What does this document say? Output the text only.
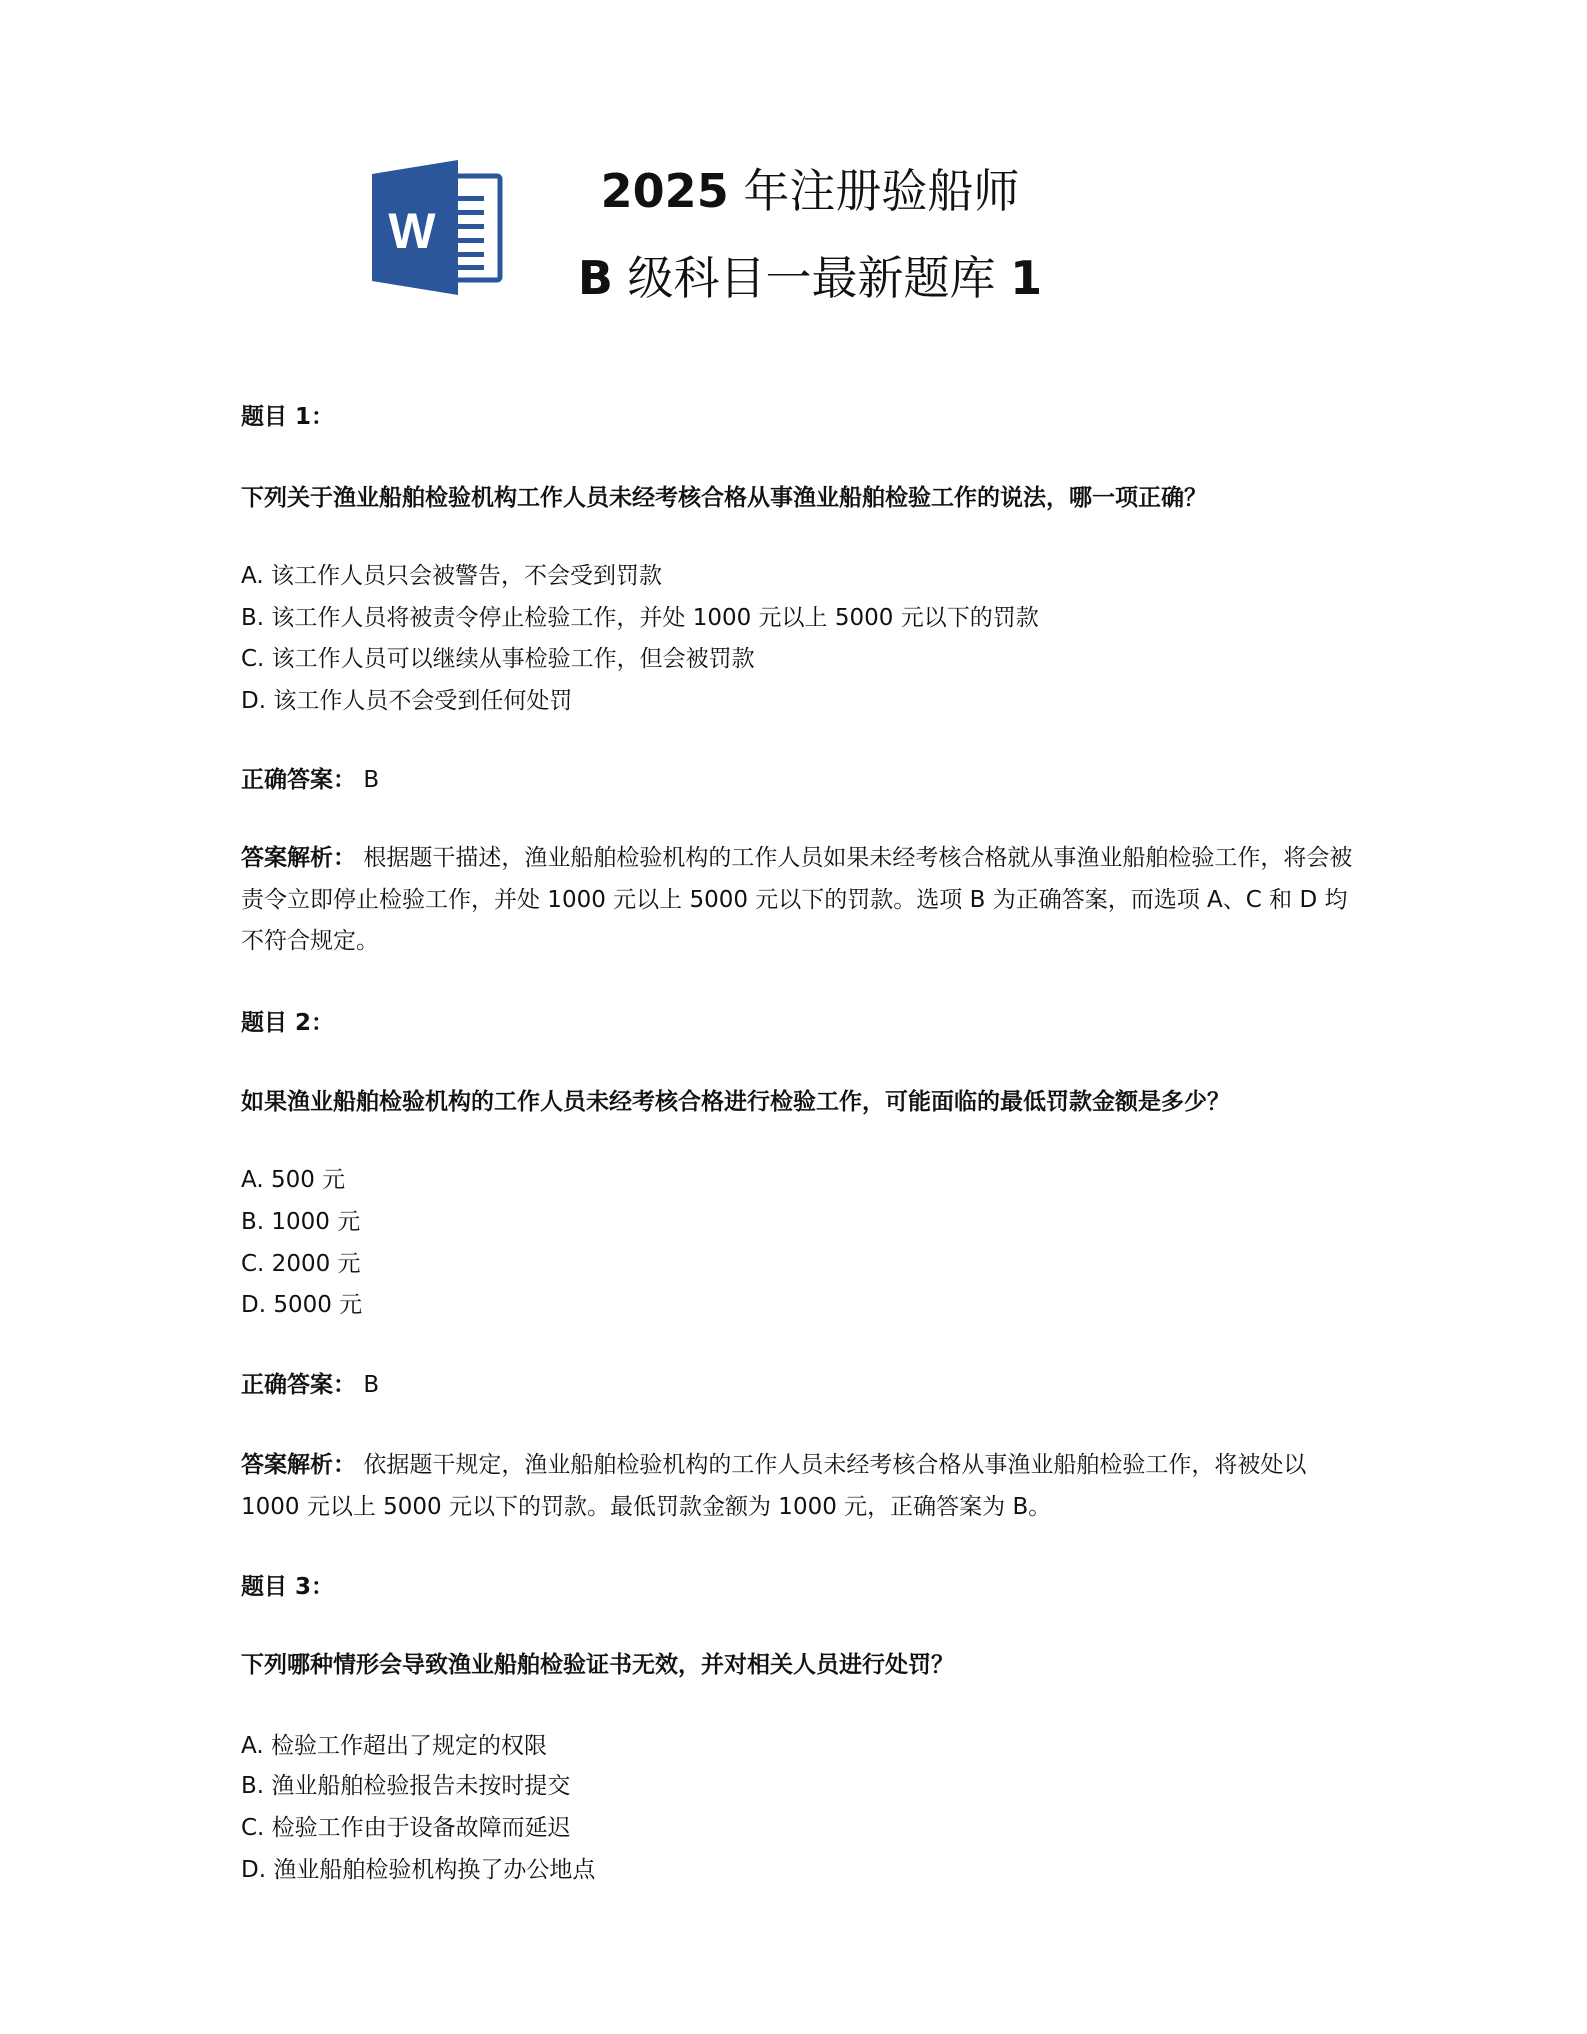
W
2025 年注册验船师
B 级科目一最新题库 1
题目 1：
下列关于渔业船舶检验机构工作人员未经考核合格从事渔业船舶检验工作的说法，哪一项正确？
A. 该工作人员只会被警告，不会受到罚款
B. 该工作人员将被责令停止检验工作，并处 1000 元以上 5000 元以下的罚款
C. 该工作人员可以继续从事检验工作，但会被罚款
D. 该工作人员不会受到任何处罚
正确答案： B
答案解析： 根据题干描述，渔业船舶检验机构的工作人员如果未经考核合格就从事渔业船舶检验工作，将会被责令立即停止检验工作，并处 1000 元以上 5000 元以下的罚款。选项 B 为正确答案，而选项 A、C 和 D 均不符合规定。
题目 2：
如果渔业船舶检验机构的工作人员未经考核合格进行检验工作，可能面临的最低罚款金额是多少？
A. 500 元
B. 1000 元
C. 2000 元
D. 5000 元
正确答案： B
答案解析： 依据题干规定，渔业船舶检验机构的工作人员未经考核合格从事渔业船舶检验工作，将被处以 1000 元以上 5000 元以下的罚款。最低罚款金额为 1000 元，正确答案为 B。
题目 3：
下列哪种情形会导致渔业船舶检验证书无效，并对相关人员进行处罚？
A. 检验工作超出了规定的权限
B. 渔业船舶检验报告未按时提交
C. 检验工作由于设备故障而延迟
D. 渔业船舶检验机构换了办公地点
